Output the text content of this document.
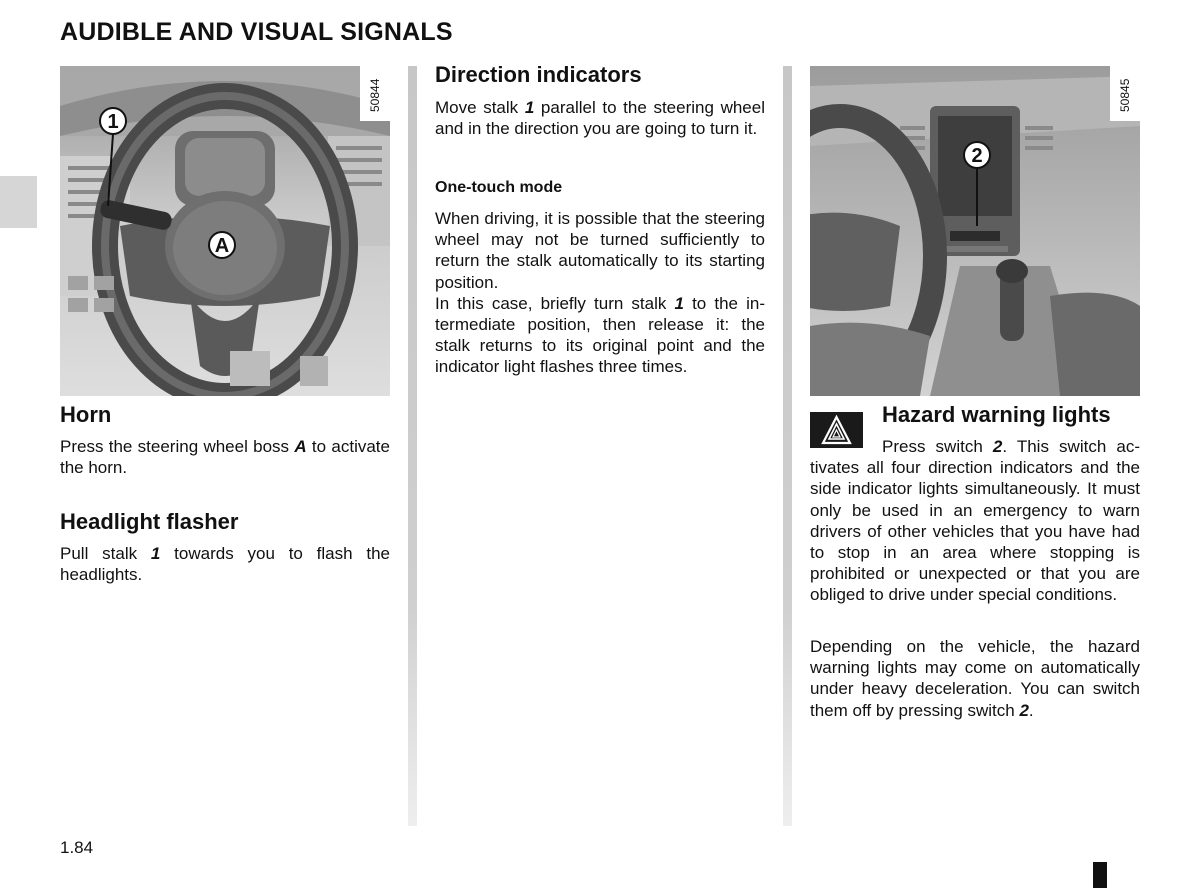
AUDIBLE AND VISUAL SIGNALS
50844
1
A
50845
2
Horn

Press the steering wheel boss A to activate the horn.

Headlight flasher

Pull stalk 1 towards you to flash the headlights.

Direction indicators

Move stalk 1 parallel to the steering wheel and in the direction you are going to turn it.

One-touch mode

When driving, it is possible that the steering wheel may not be turned sufficiently to return the stalk automatically to its starting position.
In this case, briefly turn stalk 1 to the intermediate position, then release it: the stalk returns to its original point and the indicator light flashes three times.

Hazard warning lights

Press switch 2. This switch activates all four direction indicators and the side indicator lights simultaneously. It must only be used in an emergency to warn drivers of other vehicles that you have had to stop in an area where stopping is prohibited or unexpected or that you are obliged to drive under special conditions.

Depending on the vehicle, the hazard warning lights may come on automatically under heavy deceleration. You can switch them off by pressing switch 2.

1.84
